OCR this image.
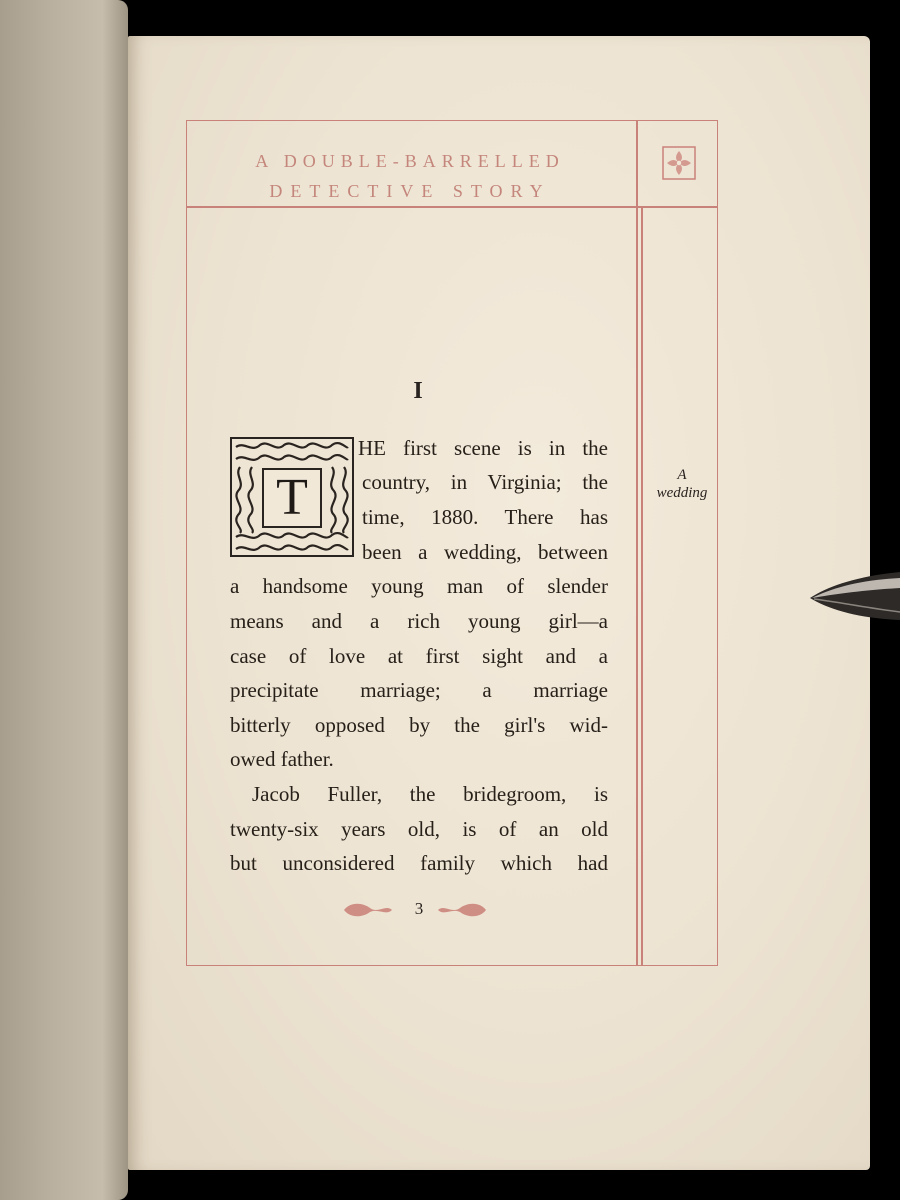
A DOUBLE-BARRELLED
DETECTIVE STORY
I
T
HE first scene is in the
country, in Virginia; the
time, 1880. There has
been a wedding, between
a handsome young man of slender
means and a rich young girl—a
case of love at first sight and a
precipitate marriage; a marriage
bitterly opposed by the girl's wid-
owed father.
Jacob Fuller, the bridegroom, is
twenty-six years old, is of an old
but unconsidered family which had
A
wedding
3
